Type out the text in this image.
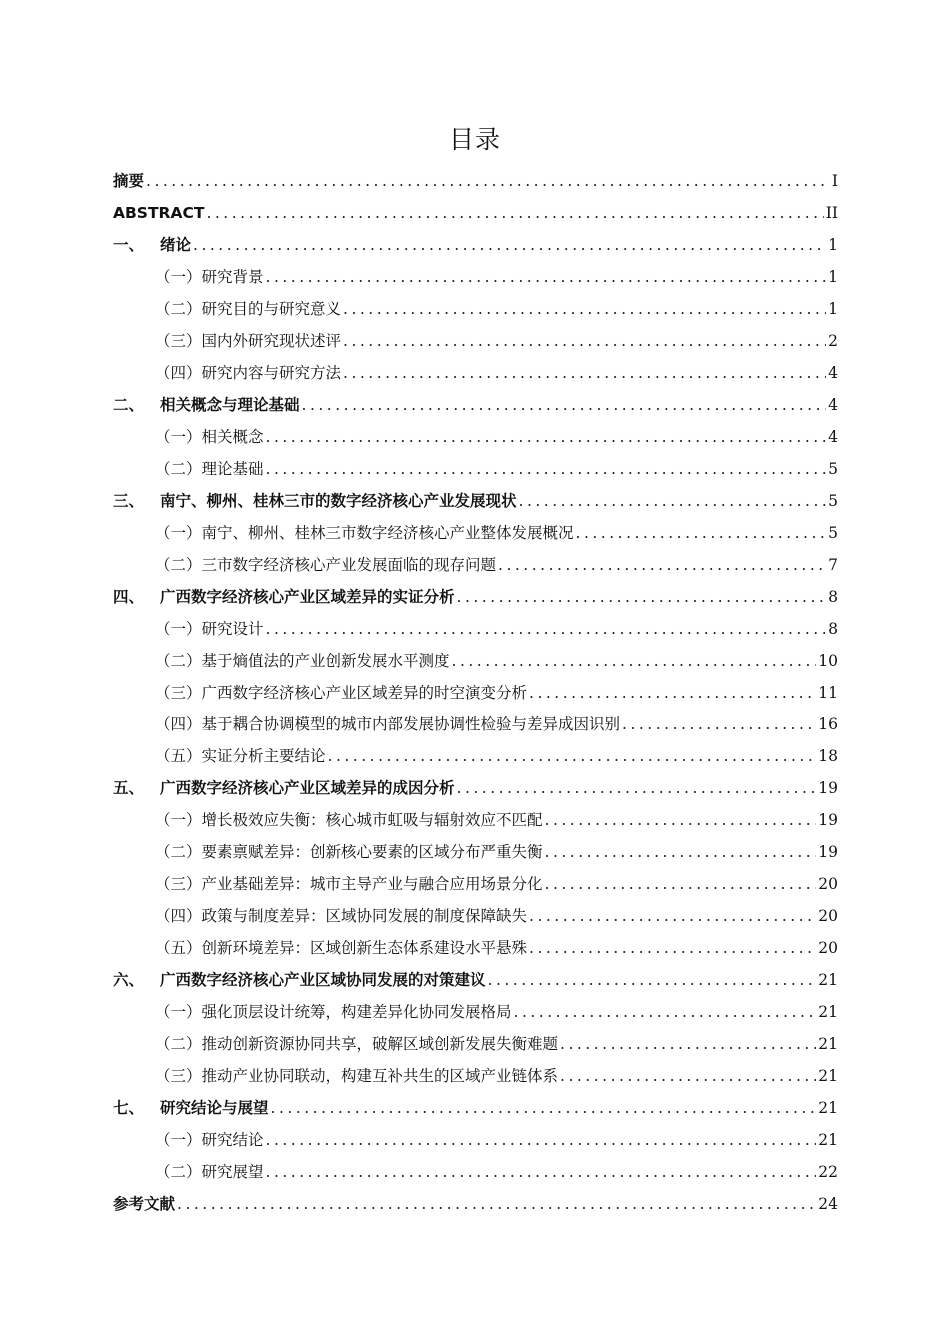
目录
摘要 .....	I
ABSTRACT .....	II
一、	绪论 .....	1
（一）研究背景 .....	1
（二）研究目的与研究意义 .....	1
（三）国内外研究现状述评 .....	2
（四）研究内容与研究方法 .....	4
二、	相关概念与理论基础 .....	4
（一）相关概念 .....	4
（二）理论基础 .....	5
三、	南宁、柳州、桂林三市的数字经济核心产业发展现状 .....	5
（一）南宁、柳州、桂林三市数字经济核心产业整体发展概况 .....	5
（二）三市数字经济核心产业发展面临的现存问题 .....	7
四、	广西数字经济核心产业区域差异的实证分析 .....	8
（一）研究设计 .....	8
（二）基于熵值法的产业创新发展水平测度 .....	10
（三）广西数字经济核心产业区域差异的时空演变分析 .....	11
（四）基于耦合协调模型的城市内部发展协调性检验与差异成因识别 .....	16
（五）实证分析主要结论 .....	18
五、	广西数字经济核心产业区域差异的成因分析 .....	19
（一）增长极效应失衡：核心城市虹吸与辐射效应不匹配 .....	19
（二）要素禀赋差异：创新核心要素的区域分布严重失衡 .....	19
（三）产业基础差异：城市主导产业与融合应用场景分化 .....	20
（四）政策与制度差异：区域协同发展的制度保障缺失 .....	20
（五）创新环境差异：区域创新生态体系建设水平悬殊 .....	20
六、	广西数字经济核心产业区域协同发展的对策建议 .....	21
（一）强化顶层设计统筹，构建差异化协同发展格局 .....	21
（二）推动创新资源协同共享，破解区域创新发展失衡难题 .....	21
（三）推动产业协同联动，构建互补共生的区域产业链体系 .....	21
七、	研究结论与展望 .....	21
（一）研究结论 .....	21
（二）研究展望 .....	22
参考文献 .....	24
